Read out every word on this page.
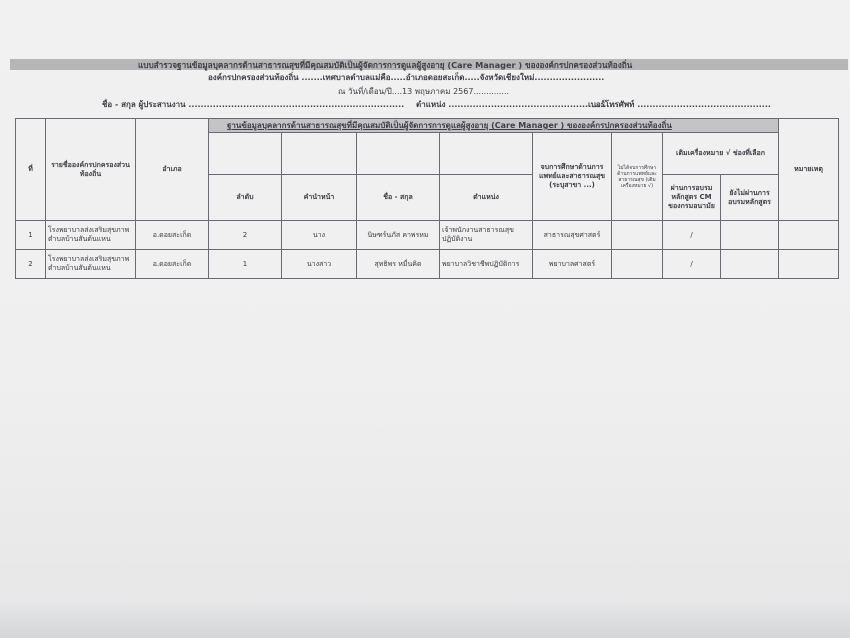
แบบสำรวจฐานข้อมูลบุคลากรด้านสาธารณสุขที่มีคุณสมบัติเป็นผู้จัดการการดูแลผู้สูงอายุ (Care Manager ) ขององค์กรปกครองส่วนท้องถิ่น
องค์กรปกครองส่วนท้องถิ่น .......เทศบาลตำบลแม่คือ.....อำเภอดอยสะเก็ด.....จังหวัดเชียงใหม่.......................
ณ วันที่/เดือน/ปี....13 พฤษภาคม 2567..............
ชื่อ - สกุล ผู้ประสานงาน ....................................................................... ตำแหน่ง .......................................................
เบอร์โทรศัพท์ ............................................
ที่	รายชื่อองค์กรปกครองส่วนท้องถิ่น	อำเภอ	ฐานข้อมูลบุคลากรด้านสาธารณสุขที่มีคุณสมบัติเป็นผู้จัดการการดูแลผู้สูงอายุ (Care Manager ) ขององค์กรปกครองส่วนท้องถิ่น								หมายเหตุ
							จบการศึกษาด้านการแพทย์และสาธารณสุข (ระบุสาขา ...)	ไม่ได้จบการศึกษาด้านการแพทย์และสาธารณสุข (เติมเครื่องหมาย √)	เติมเครื่องหมาย √ ช่องที่เลือก		
			ลำดับ	คำนำหน้า	ชื่อ - สกุล	ตำแหน่ง			ผ่านการอบรมหลักสูตร CM ของกรมอนามัย	ยังไม่ผ่านการอบรมหลักสูตร	
1	โรงพยาบาลส่งเสริมสุขภาพตำบลบ้านสันต้นแหน	อ.ดอยสะเก็ด	2	นาง	นิษฑร์นภัส คาพรหม	เจ้าพนักงานสาธารณสุขปฏิบัติงาน	สาธารณสุขศาสตร์		/		
2	โรงพยาบาลส่งเสริมสุขภาพตำบลบ้านสันต้นแหน	อ.ดอยสะเก็ด	1	นางสาว	สุทธิพร หมื่นคิด	พยาบาลวิชาชีพปฏิบัติการ	พยาบาลศาสตร์		/		
